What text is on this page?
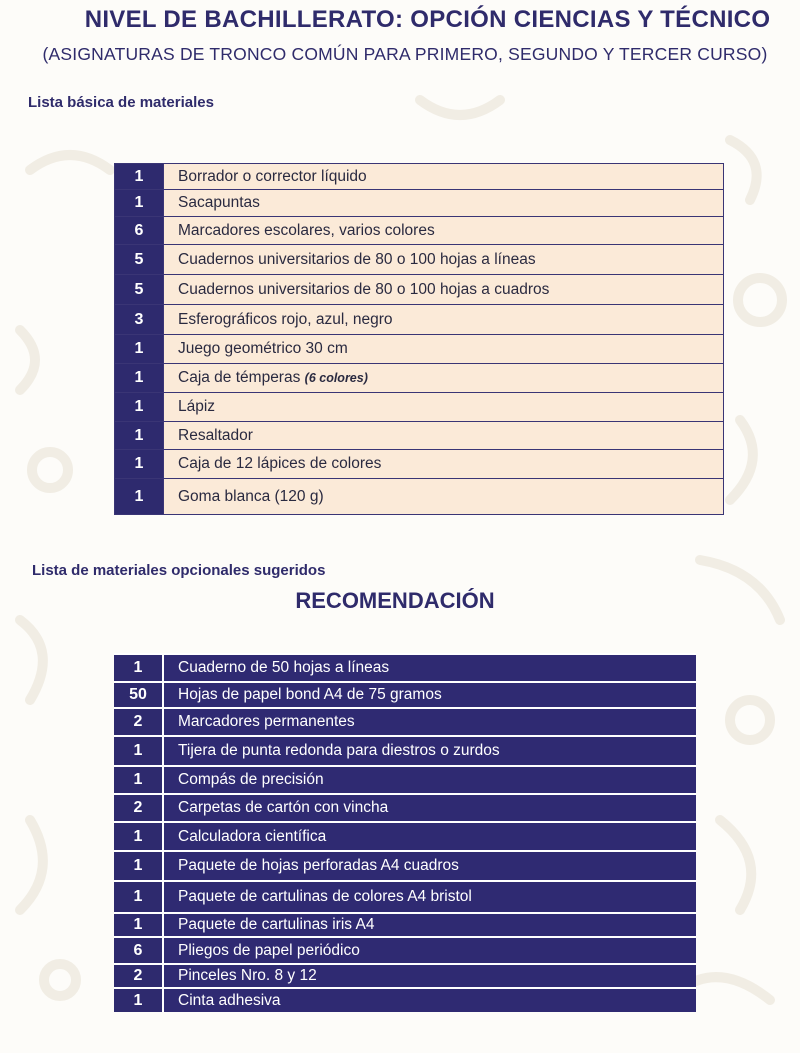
NIVEL DE BACHILLERATO: OPCIÓN CIENCIAS Y TÉCNICO
(ASIGNATURAS DE TRONCO COMÚN PARA PRIMERO, SEGUNDO Y TERCER CURSO)
Lista básica de materiales
1	Borrador o corrector líquido
1	Sacapuntas
6	Marcadores escolares, varios colores
5	Cuadernos universitarios de 80 o 100 hojas a líneas
5	Cuadernos universitarios de 80 o 100 hojas a cuadros
3	Esferográficos rojo, azul, negro
1	Juego geométrico 30 cm
1	Caja de témperas (6 colores)
1	Lápiz
1	Resaltador
1	Caja de 12 lápices de colores
1	Goma blanca (120 g)
Lista de materiales opcionales sugeridos
RECOMENDACIÓN
1	Cuaderno de 50 hojas a líneas
50	Hojas de papel bond A4 de 75 gramos
2	Marcadores permanentes
1	Tijera de punta redonda para diestros o zurdos
1	Compás de precisión
2	Carpetas de cartón con vincha
1	Calculadora científica
1	Paquete de hojas perforadas A4 cuadros
1	Paquete de cartulinas de colores A4 bristol
1	Paquete de cartulinas iris A4
6	Pliegos de papel periódico
2	Pinceles Nro. 8 y 12
1	Cinta adhesiva
